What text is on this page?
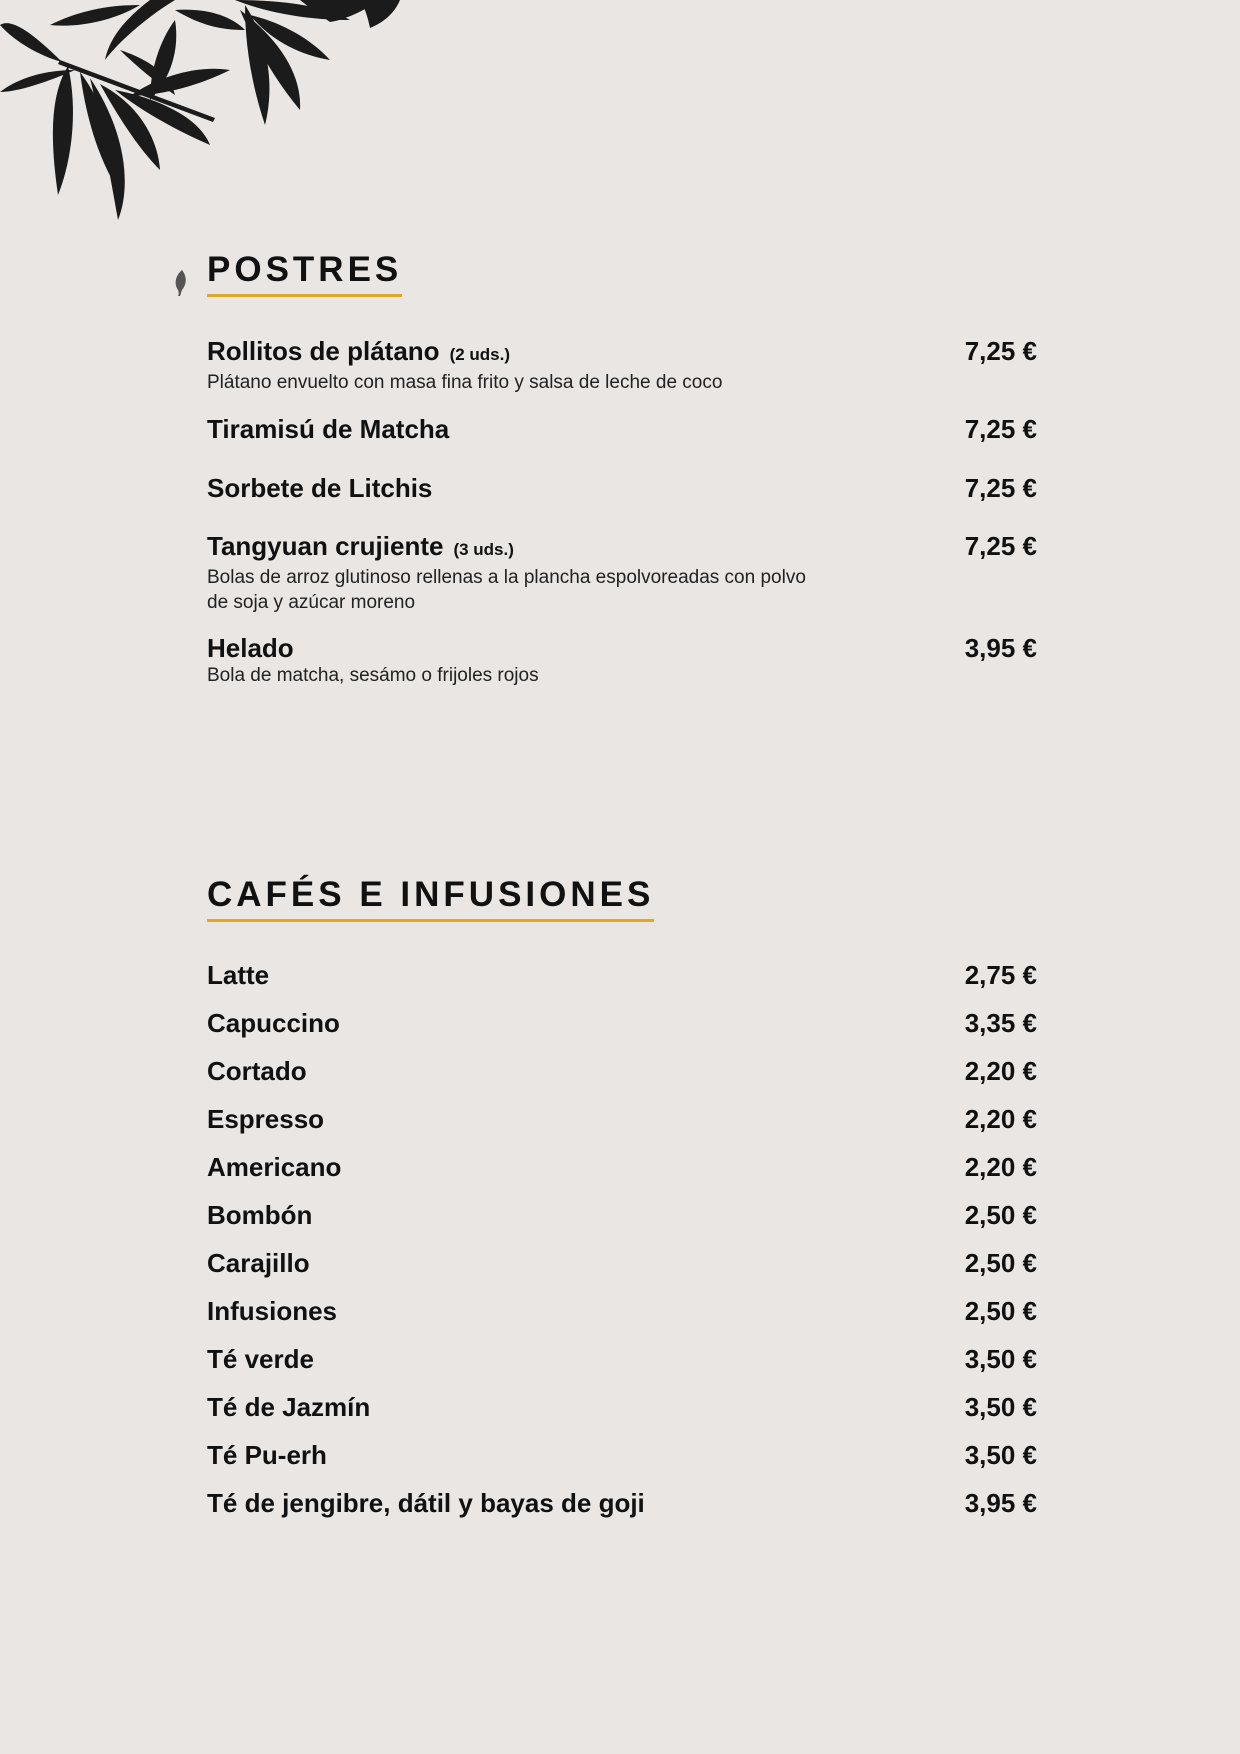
POSTRES
Rollitos de plátano (2 uds.)
Plátano envuelto con masa fina frito y salsa de leche de coco
7,25 €
Tiramisú de Matcha	7,25 €
Sorbete de Litchis	7,25 €
Tangyuan crujiente (3 uds.)
Bolas de arroz glutinoso rellenas a la plancha espolvoreadas con polvo de soja y azúcar moreno
7,25 €
Helado
Bola de matcha, sesámo o frijoles rojos
3,95 €
CAFÉS E INFUSIONES
Latte	2,75 €
Capuccino	3,35 €
Cortado	2,20 €
Espresso	2,20 €
Americano	2,20 €
Bombón	2,50 €
Carajillo	2,50 €
Infusiones	2,50 €
Té verde	3,50 €
Té de Jazmín	3,50 €
Té Pu-erh	3,50 €
Té de jengibre, dátil y bayas de goji	3,95 €
